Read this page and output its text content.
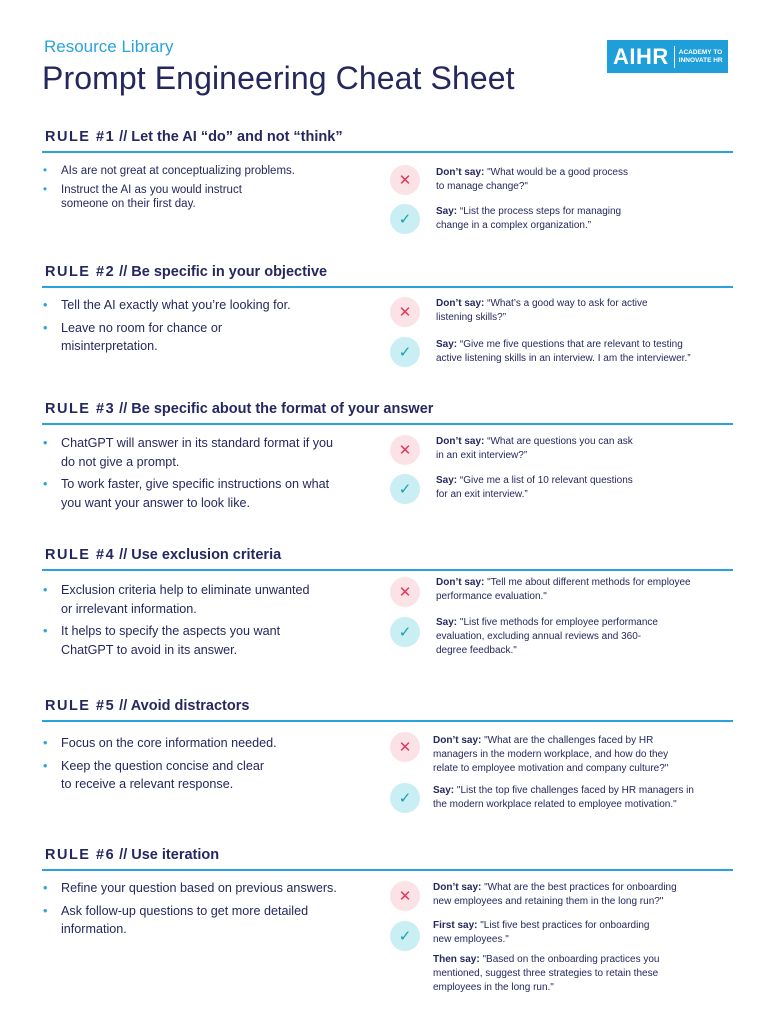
Resource Library
Prompt Engineering Cheat Sheet
AIHR ACADEMY TO
INNOVATE HR
RULE #1 // Let the AI “do” and not “think”
• AIs are not great at conceptualizing problems.
• Instruct the AI as you would instruct
someone on their first day.
✕	Don’t say: "What would be a good process
to manage change?"
✓	Say: “List the process steps for managing
change in a complex organization.”
RULE #2 // Be specific in your objective
• Tell the AI exactly what you’re looking for.
• Leave no room for chance or
misinterpretation.
✕	Don’t say: “What’s a good way to ask for active
listening skills?”
✓	Say: “Give me five questions that are relevant to testing
active listening skills in an interview. I am the interviewer.”
RULE #3 // Be specific about the format of your answer
• ChatGPT will answer in its standard format if you
do not give a prompt.
• To work faster, give specific instructions on what
you want your answer to look like.
✕	Don’t say: “What are questions you can ask
in an exit interview?”
✓	Say: “Give me a list of 10 relevant questions
for an exit interview.”
RULE #4 // Use exclusion criteria
• Exclusion criteria help to eliminate unwanted
or irrelevant information.
• It helps to specify the aspects you want
ChatGPT to avoid in its answer.
✕
Don’t say: "Tell me about different methods for employee
performance evaluation."
✓
Say: "List five methods for employee performance
evaluation, excluding annual reviews and 360-
degree feedback."
RULE #5 // Avoid distractors
• Focus on the core information needed.
• Keep the question concise and clear
to receive a relevant response.
✕	Don’t say: "What are the challenges faced by HR
managers in the modern workplace, and how do they
relate to employee motivation and company culture?"
✓	Say: "List the top five challenges faced by HR managers in
the modern workplace related to employee motivation."
RULE #6 // Use iteration
• Refine your question based on previous answers.
• Ask follow-up questions to get more detailed
information.
✕	Don’t say: "What are the best practices for onboarding
new employees and retaining them in the long run?"
✓
First say: "List five best practices for onboarding
new employees."
Then say: "Based on the onboarding practices you
mentioned, suggest three strategies to retain these
employees in the long run."
